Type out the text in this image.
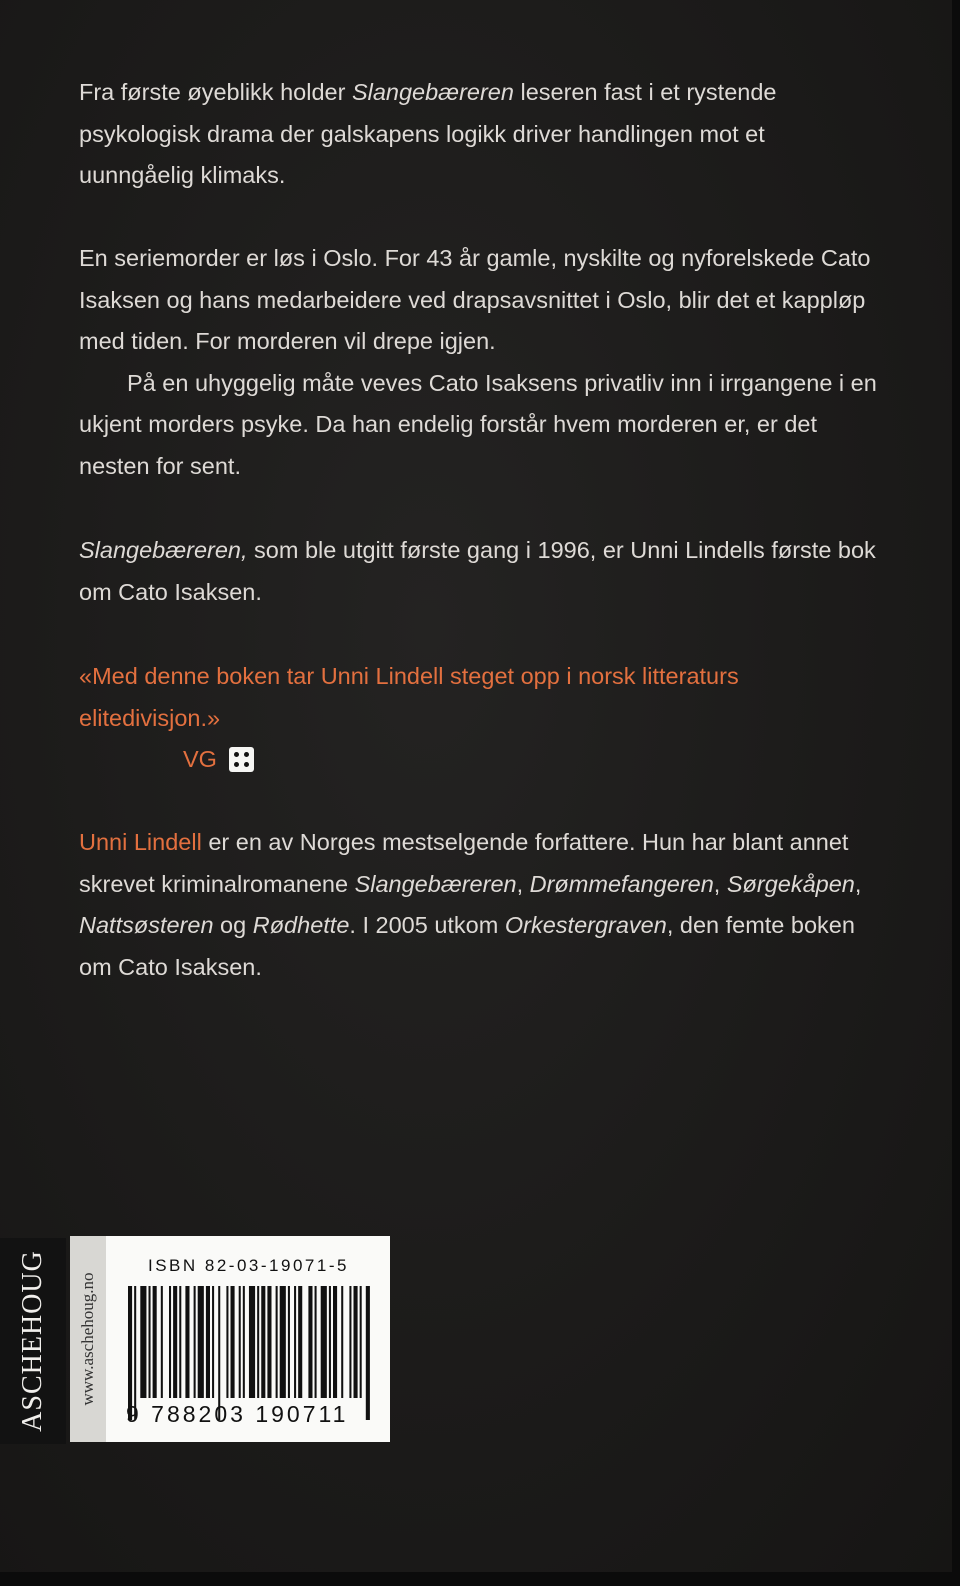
Fra første øyeblikk holder Slangebæreren leseren fast i et rystende psykologisk drama der galskapens logikk driver handlingen mot et uunngåelig klimaks.

En seriemorder er løs i Oslo. For 43 år gamle, nyskilte og nyforelskede Cato Isaksen og hans medarbeidere ved drapsavsnittet i Oslo, blir det et kappløp med tiden. For morderen vil drepe igjen.

På en uhyggelig måte veves Cato Isaksens privatliv inn i irrgangene i en ukjent morders psyke. Da han endelig forstår hvem morderen er, er det nesten for sent.

Slangebæreren, som ble utgitt første gang i 1996, er Unni Lindells første bok om Cato Isaksen.

«Med denne boken tar Unni Lindell steget opp i norsk litteraturs elitedivisjon.»

VG

Unni Lindell er en av Norges mestselgende forfattere. Hun har blant annet skrevet kriminalromanene Slangebæreren, Drømmefangeren, Sørgekåpen, Nattsøsteren og Rødhette. I 2005 utkom Orkestergraven, den femte boken om Cato Isaksen.

ASCHEHOUG www.aschehoug.no
ISBN 82-03-19071-5
9 788203 190711
